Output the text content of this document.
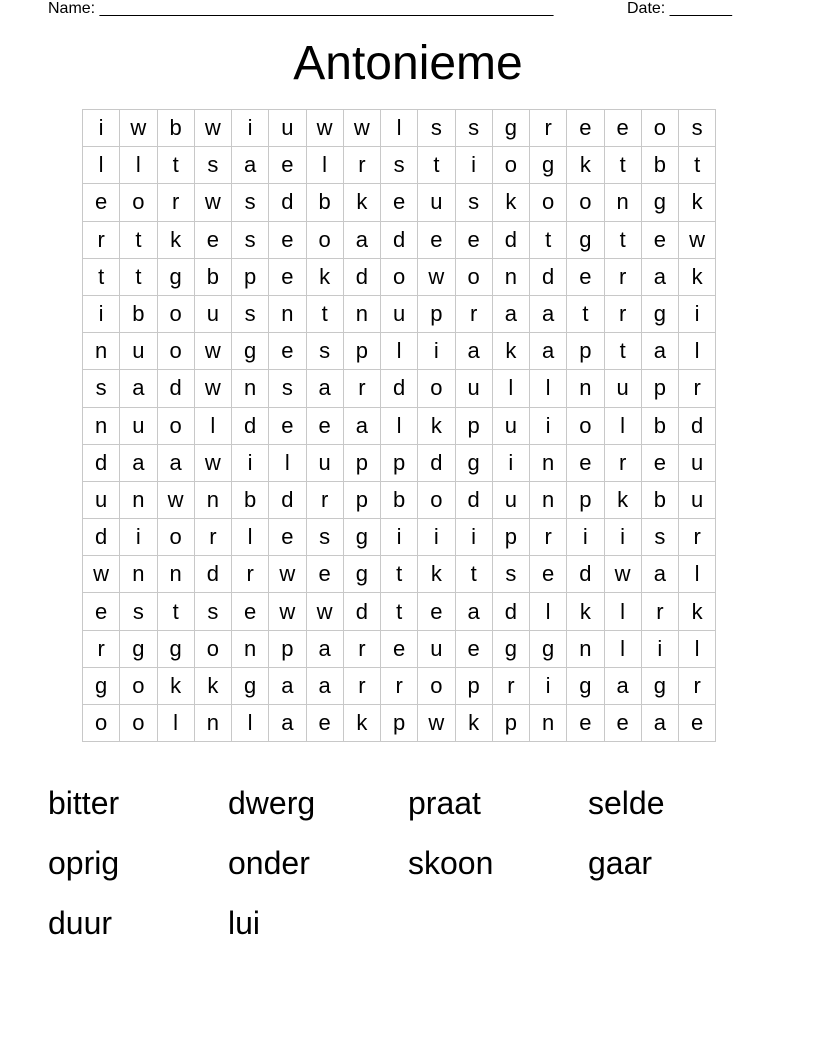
Name: ___________________________________________________	Date: _______
Antonieme
i	w	b	w	i	u	w	w	l	s	s	g	r	e	e	o	s
l	l	t	s	a	e	l	r	s	t	i	o	g	k	t	b	t
e	o	r	w	s	d	b	k	e	u	s	k	o	o	n	g	k
r	t	k	e	s	e	o	a	d	e	e	d	t	g	t	e	w
t	t	g	b	p	e	k	d	o	w	o	n	d	e	r	a	k
i	b	o	u	s	n	t	n	u	p	r	a	a	t	r	g	i
n	u	o	w	g	e	s	p	l	i	a	k	a	p	t	a	l
s	a	d	w	n	s	a	r	d	o	u	l	l	n	u	p	r
n	u	o	l	d	e	e	a	l	k	p	u	i	o	l	b	d
d	a	a	w	i	l	u	p	p	d	g	i	n	e	r	e	u
u	n	w	n	b	d	r	p	b	o	d	u	n	p	k	b	u
d	i	o	r	l	e	s	g	i	i	i	p	r	i	i	s	r
w	n	n	d	r	w	e	g	t	k	t	s	e	d	w	a	l
e	s	t	s	e	w	w	d	t	e	a	d	l	k	l	r	k
r	g	g	o	n	p	a	r	e	u	e	g	g	n	l	i	l
g	o	k	k	g	a	a	r	r	o	p	r	i	g	a	g	r
o	o	l	n	l	a	e	k	p	w	k	p	n	e	e	a	e
bitter	dwerg	praat	selde
oprig	onder	skoon	gaar
duur	lui
